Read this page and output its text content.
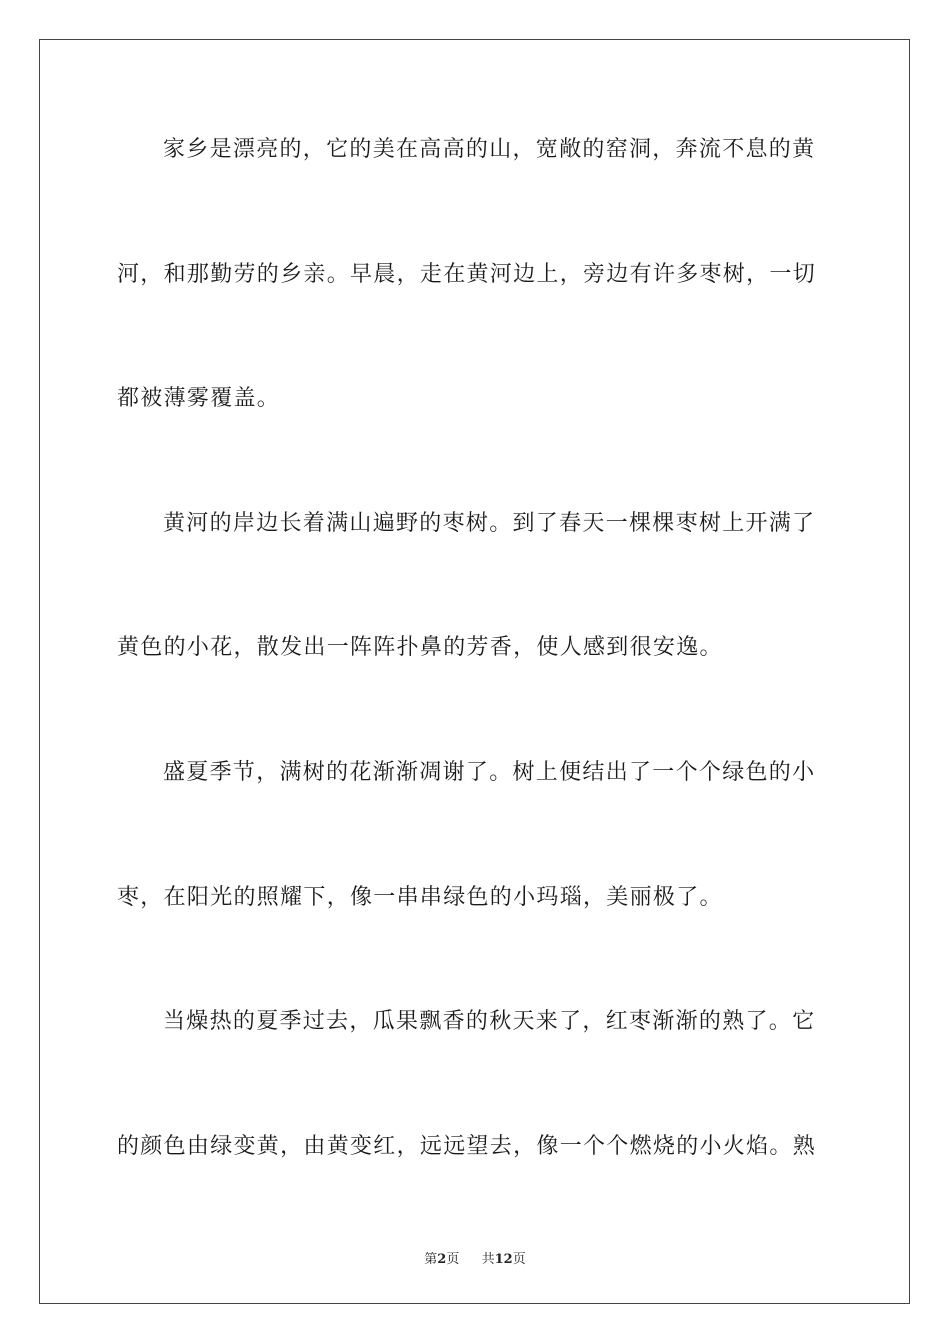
家乡是漂亮的，它的美在高高的山，宽敞的窑洞，奔流不息的黄
河，和那勤劳的乡亲。早晨，走在黄河边上，旁边有许多枣树，一切
都被薄雾覆盖。
黄河的岸边长着满山遍野的枣树。到了春天一棵棵枣树上开满了
黄色的小花，散发出一阵阵扑鼻的芳香，使人感到很安逸。
盛夏季节，满树的花渐渐凋谢了。树上便结出了一个个绿色的小
枣，在阳光的照耀下，像一串串绿色的小玛瑙，美丽极了。
当燥热的夏季过去，瓜果飘香的秋天来了，红枣渐渐的熟了。它
的颜色由绿变黄，由黄变红，远远望去，像一个个燃烧的小火焰。熟
第2页 共12页
